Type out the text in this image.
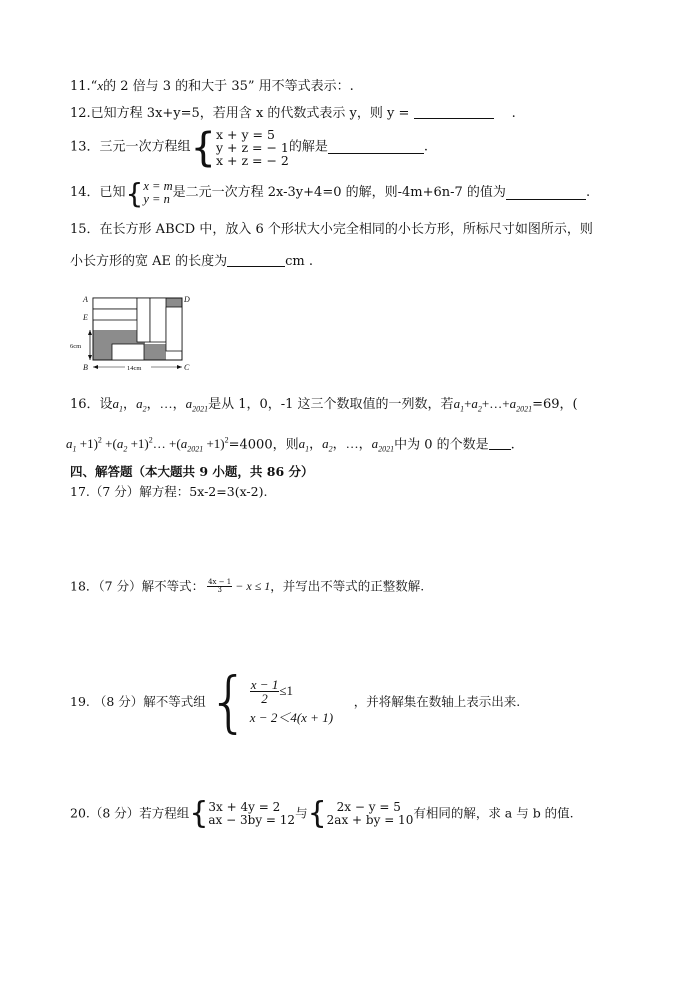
11.“x的 2 倍与 3 的和大于 35” 用不等式表示：.
12.已知方程 3x+y=5，若用含 x 的代数式表示 y，则 y =	.
13．三元一次方程组{ x + y = 5
y + z = − 1
x + z = − 2
的解是	.
14．已知{ x = m
y = n 是二元一次方程 2x-3y+4=0 的解，则-4m+6n-7 的值为	.
15．在长方形 ABCD 中，放入 6 个形状大小完全相同的小长方形，所标尺寸如图所示，则
小长方形的宽 AE 的长度为	cm .
A
E
B
D
C
6cm
14cm
16．设$a_1$，$a_2$，…，$a_{2021}$是从 1，0，-1 这三个数取值的一列数，若$a_1+a_2+\dots+a_{2021}=69$，(
$a_1 +1)^2 +(a_2$ $+1)^2\dots +(a_{2021} +1)^2=4000$，则$a_1$，$a_2$，…，$a_{2021}$中为 0 的个数是 .
四、解答题（本大题共 9 小题，共 86 分）
17.（7 分）解方程：5x-2=3(x-2).
18．（7 分）解不等式： $\frac{4x - 1}{3} - x \le 1$，并写出不等式的正整数解.
19. （8 分）解不等式组{ $\frac{x - 1}{2} \le 1$
x − 2＜4(x + 1)
，并将解集在数轴上表示出来.
20.（8 分）若方程组{ 3x + 4y = 2
ax − 3by = 12 与{ 2x − y = 5
2ax + by = 10 有相同的解，求 a 与 b 的值.
